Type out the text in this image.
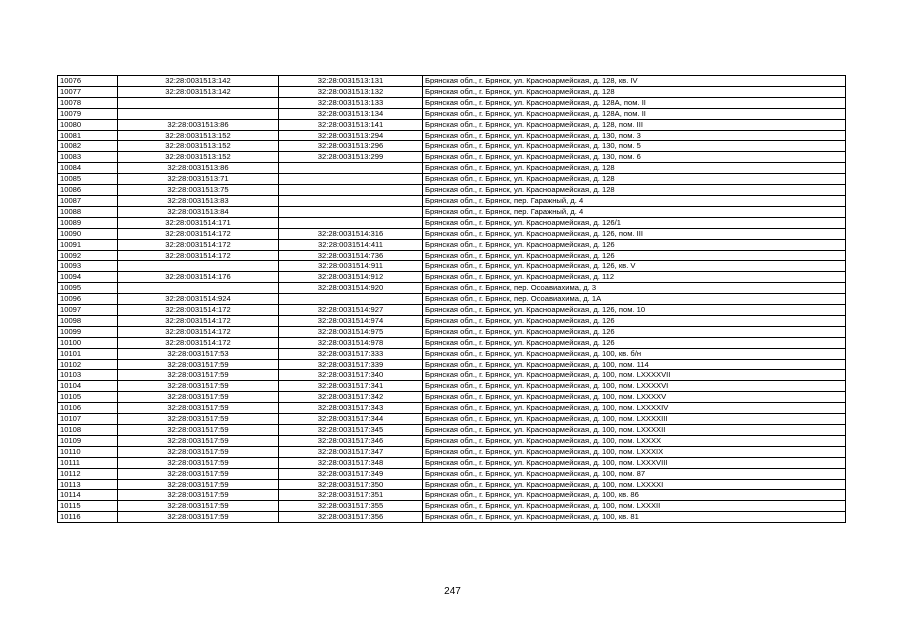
10076	32:28:0031513:142	32:28:0031513:131	Брянская обл., г. Брянск, ул. Красноармейская, д. 128, кв. IV
10077	32:28:0031513:142	32:28:0031513:132	Брянская обл., г. Брянск, ул. Красноармейская, д. 128
10078		32:28:0031513:133	Брянская обл., г. Брянск, ул. Красноармейская, д. 128А, пом. II
10079		32:28:0031513:134	Брянская обл., г. Брянск, ул. Красноармейская, д. 128А, пом. II
10080	32:28:0031513:86	32:28:0031513:141	Брянская обл., г. Брянск, ул. Красноармейская, д. 128, пом. III
10081	32:28:0031513:152	32:28:0031513:294	Брянская обл., г. Брянск, ул. Красноармейская, д. 130, пом. 3
10082	32:28:0031513:152	32:28:0031513:296	Брянская обл., г. Брянск, ул. Красноармейская, д. 130, пом. 5
10083	32:28:0031513:152	32:28:0031513:299	Брянская обл., г. Брянск, ул. Красноармейская, д. 130, пом. 6
10084	32:28:0031513:86		Брянская обл., г. Брянск, ул. Красноармейская, д. 128
10085	32:28:0031513:71		Брянская обл., г. Брянск, ул. Красноармейская, д. 128
10086	32:28:0031513:75		Брянская обл., г. Брянск, ул. Красноармейская, д. 128
10087	32:28:0031513:83		Брянская обл., г. Брянск, пер. Гаражный, д. 4
10088	32:28:0031513:84		Брянская обл., г. Брянск, пер. Гаражный, д. 4
10089	32:28:0031514:171		Брянская обл., г. Брянск, ул. Красноармейская, д. 126/1
10090	32:28:0031514:172	32:28:0031514:316	Брянская обл., г. Брянск, ул. Красноармейская, д. 126, пом. III
10091	32:28:0031514:172	32:28:0031514:411	Брянская обл., г. Брянск, ул. Красноармейская, д. 126
10092	32:28:0031514:172	32:28:0031514:736	Брянская обл., г. Брянск, ул. Красноармейская, д. 126
10093		32:28:0031514:911	Брянская обл., г. Брянск, ул. Красноармейская, д. 126, кв. V
10094	32:28:0031514:176	32:28:0031514:912	Брянская обл., г. Брянск, ул. Красноармейская, д. 112
10095		32:28:0031514:920	Брянская обл., г. Брянск, пер. Осоавиахима, д. 3
10096	32:28:0031514:924		Брянская обл., г. Брянск, пер. Осоавиахима, д. 1А
10097	32:28:0031514:172	32:28:0031514:927	Брянская обл., г. Брянск, ул. Красноармейская, д. 126, пом. 10
10098	32:28:0031514:172	32:28:0031514:974	Брянская обл., г. Брянск, ул. Красноармейская, д. 126
10099	32:28:0031514:172	32:28:0031514:975	Брянская обл., г. Брянск, ул. Красноармейская, д. 126
10100	32:28:0031514:172	32:28:0031514:978	Брянская обл., г. Брянск, ул. Красноармейская, д. 126
10101	32:28:0031517:53	32:28:0031517:333	Брянская обл., г. Брянск, ул. Красноармейская, д. 100, кв. б/н
10102	32:28:0031517:59	32:28:0031517:339	Брянская обл., г. Брянск, ул. Красноармейская, д. 100, пом. 114
10103	32:28:0031517:59	32:28:0031517:340	Брянская обл., г. Брянск, ул. Красноармейская, д. 100, пом. LXXXXVII
10104	32:28:0031517:59	32:28:0031517:341	Брянская обл., г. Брянск, ул. Красноармейская, д. 100, пом. LXXXXVI
10105	32:28:0031517:59	32:28:0031517:342	Брянская обл., г. Брянск, ул. Красноармейская, д. 100, пом. LXXXXV
10106	32:28:0031517:59	32:28:0031517:343	Брянская обл., г. Брянск, ул. Красноармейская, д. 100, пом. LXXXXIV
10107	32:28:0031517:59	32:28:0031517:344	Брянская обл., г. Брянск, ул. Красноармейская, д. 100, пом. LXXXXIII
10108	32:28:0031517:59	32:28:0031517:345	Брянская обл., г. Брянск, ул. Красноармейская, д. 100, пом. LXXXXII
10109	32:28:0031517:59	32:28:0031517:346	Брянская обл., г. Брянск, ул. Красноармейская, д. 100, пом. LXXXX
10110	32:28:0031517:59	32:28:0031517:347	Брянская обл., г. Брянск, ул. Красноармейская, д. 100, пом. LXXXIX
10111	32:28:0031517:59	32:28:0031517:348	Брянская обл., г. Брянск, ул. Красноармейская, д. 100, пом. LXXXVIII
10112	32:28:0031517:59	32:28:0031517:349	Брянская обл., г. Брянск, ул. Красноармейская, д. 100, пом. 87
10113	32:28:0031517:59	32:28:0031517:350	Брянская обл., г. Брянск, ул. Красноармейская, д. 100, пом. LXXXXI
10114	32:28:0031517:59	32:28:0031517:351	Брянская обл., г. Брянск, ул. Красноармейская, д. 100, кв. 86
10115	32:28:0031517:59	32:28:0031517:355	Брянская обл., г. Брянск, ул. Красноармейская, д. 100, пом. LXXXII
10116	32:28:0031517:59	32:28:0031517:356	Брянская обл., г. Брянск, ул. Красноармейская, д. 100, кв. 81
247
